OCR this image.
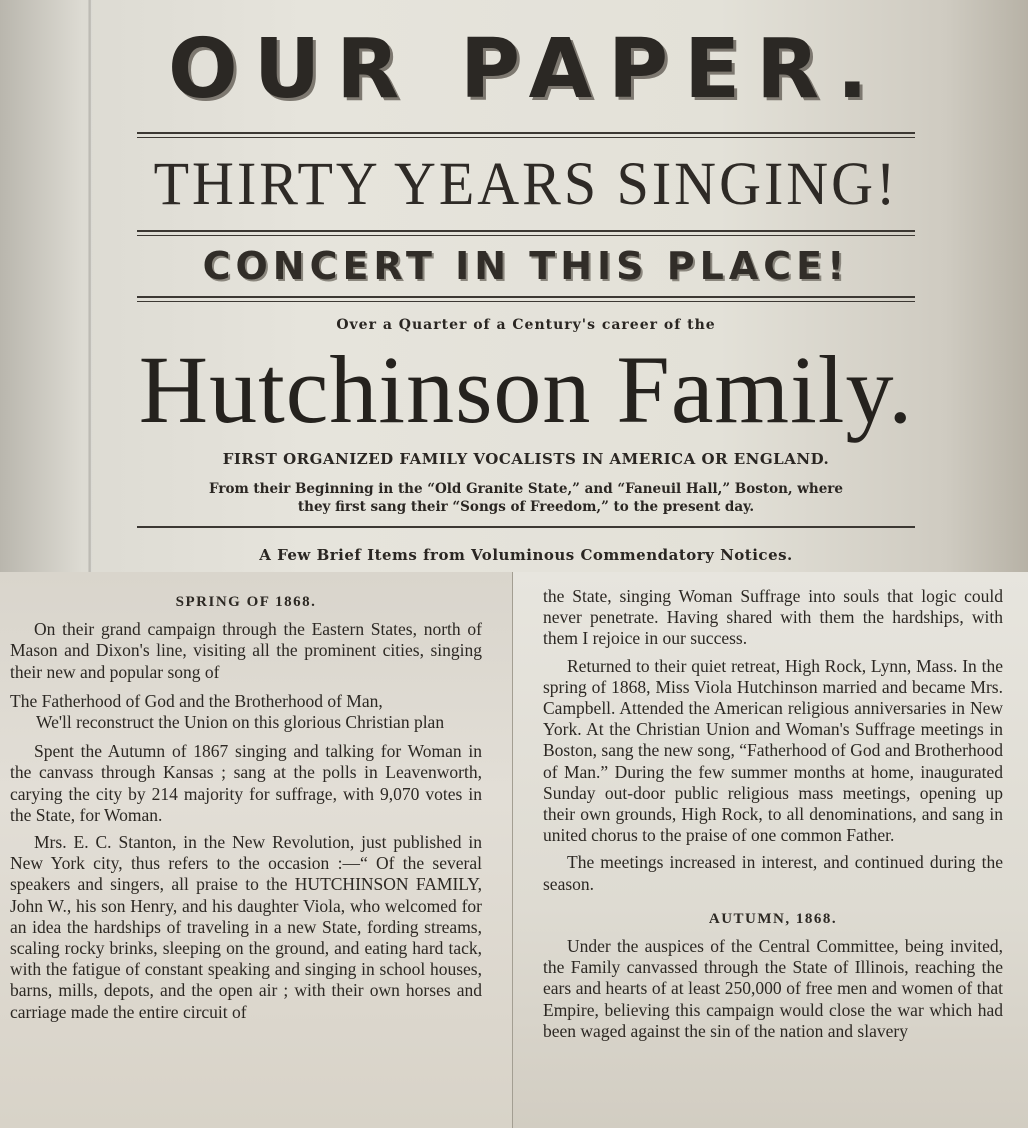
OUR PAPER.
THIRTY YEARS SINGING!
CONCERT IN THIS PLACE!
Over a Quarter of a Century's career of the
Hutchinson Family.
FIRST ORGANIZED FAMILY VOCALISTS IN AMERICA OR ENGLAND.
From their Beginning in the “Old Granite State,” and “Faneuil Hall,” Boston, where
they first sang their “Songs of Freedom,” to the present day.
A Few Brief Items from Voluminous Commendatory Notices.
SPRING OF 1868.

On their grand campaign through the Eastern States, north of Mason and Dixon's line, visiting all the prominent cities, singing their new and popular song of

The Fatherhood of God and the Brotherhood of Man,
We'll reconstruct the Union on this glorious Christian plan

Spent the Autumn of 1867 singing and talking for Woman in the canvass through Kansas ; sang at the polls in Leavenworth, carying the city by 214 majority for suffrage, with 9,070 votes in the State, for Woman.

Mrs. E. C. Stanton, in the New Revolution, just published in New York city, thus refers to the occasion :—“ Of the several speakers and singers, all praise to the HUTCHINSON FAMILY, John W., his son Henry, and his daughter Viola, who welcomed for an idea the hardships of traveling in a new State, fording streams, scaling rocky brinks, sleeping on the ground, and eating hard tack, with the fatigue of constant speaking and singing in school houses, barns, mills, depots, and the open air ; with their own horses and carriage made the entire circuit of

the State, singing Woman Suffrage into souls that logic could never penetrate. Having shared with them the hardships, with them I rejoice in our success.

Returned to their quiet retreat, High Rock, Lynn, Mass. In the spring of 1868, Miss Viola Hutchinson married and became Mrs. Campbell. Attended the American religious anniversaries in New York. At the Christian Union and Woman's Suffrage meetings in Boston, sang the new song, “Fatherhood of God and Brotherhood of Man.” During the few summer months at home, inaugurated Sunday out-door public religious mass meetings, opening up their own grounds, High Rock, to all denominations, and sang in united chorus to the praise of one common Father.

The meetings increased in interest, and continued during the season.

AUTUMN, 1868.

Under the auspices of the Central Committee, being invited, the Family canvassed through the State of Illinois, reaching the ears and hearts of at least 250,000 of free men and women of that Empire, believing this campaign would close the war which had been waged against the sin of the nation and slavery
